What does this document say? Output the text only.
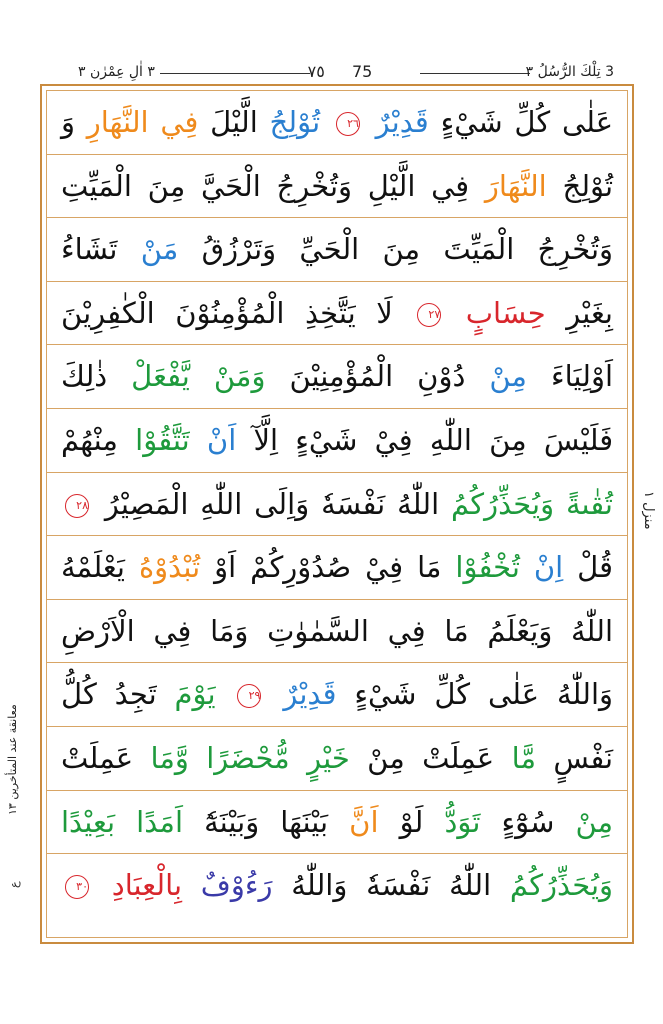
٣ اٰلِ عِمْرٰن ٣	٧٥ 75	3 تِلْكَ الرُّسُلُ ٣
عَلٰى كُلِّ شَيْءٍ قَدِيْرٌ ٢٦ تُوْلِجُ الَّيْلَ فِي النَّهَارِ وَ
تُوْلِجُ النَّهَارَ فِي الَّيْلِ وَتُخْرِجُ الْحَيَّ مِنَ الْمَيِّتِ
وَتُخْرِجُ الْمَيِّتَ مِنَ الْحَيِّ وَتَرْزُقُ مَنْ تَشَاءُ
بِغَيْرِ حِسَابٍ ٢٧ لَا يَتَّخِذِ الْمُؤْمِنُوْنَ الْكٰفِرِيْنَ
اَوْلِيَاءَ مِنْ دُوْنِ الْمُؤْمِنِيْنَ وَمَنْ يَّفْعَلْ ذٰلِكَ
فَلَيْسَ مِنَ اللّٰهِ فِيْ شَيْءٍ اِلَّآ اَنْ تَتَّقُوْا مِنْهُمْ
تُقٰىةً وَيُحَذِّرُكُمُ اللّٰهُ نَفْسَهٗ وَاِلَى اللّٰهِ الْمَصِيْرُ ٢٨
قُلْ اِنْ تُخْفُوْا مَا فِيْ صُدُوْرِكُمْ اَوْ تُبْدُوْهُ يَعْلَمْهُ
اللّٰهُ وَيَعْلَمُ مَا فِي السَّمٰوٰتِ وَمَا فِي الْاَرْضِ
وَاللّٰهُ عَلٰى كُلِّ شَيْءٍ قَدِيْرٌ ٢٩ يَوْمَ تَجِدُ كُلُّ
نَفْسٍ مَّا عَمِلَتْ مِنْ خَيْرٍ مُّحْضَرًا وَّمَا عَمِلَتْ
مِنْ سُوْٓءٍ تَوَدُّ لَوْ اَنَّ بَيْنَهَا وَبَيْنَهٗٓ اَمَدًا بَعِيْدًا
وَيُحَذِّرُكُمُ اللّٰهُ نَفْسَهٗ وَاللّٰهُ رَءُوْفٌ بِالْعِبَادِ ٣٠
منزل ١
معانقة عند المتأخرين ١٣
ع
